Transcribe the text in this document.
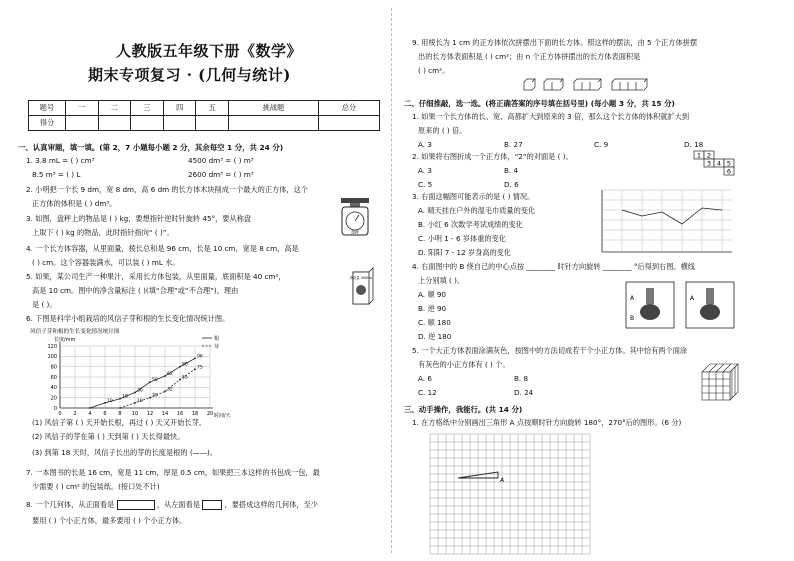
人教版五年级下册《数学》
期末专项复习 · (几何与统计)
题号	一	二	三	四	五	挑战题	总分
得分							
一、认真审题，填一填。(第 2，7 小题每小题 2 分，其余每空 1 分，共 24 分)
1. 3.8 mL = ( ) cm³	4500 dm³ = ( ) m³
8.5 m³ = ( ) L	2600 dm³ = ( ) m³
2. 小明把一个长 9 dm，宽 8 dm，高 6 dm 的长方体木块削成一个最大的正方体，这个
正方体的体积是 ( ) dm³。
3. 如图，盘秤上的物品是 ( ) kg，要想指针逆时针旋转 45°，要从称盘
上取下 ( ) kg 的物品，此时指针指向“ ( )”。	盘秤
4. 一个长方体容器，从里面量，棱长总和是 96 cm，长是 10 cm，宽是 8 cm，高是
( ) cm。这个容器装满水，可以装 ( ) mL 水。
5. 如果，某公司生产一种果汁，采用长方体包装，从里面量，底面积是 40 cm²，
高是 10 cm。图中的净含量标注 ( )(填“合理”或“不合理”)，理由
是 ( )。
净含量 450mL
6. 下图是科学小组栽培的风信子芽和根的生长变化情况统计图。
风信子芽和根的生长变化情况统计图
长度/mm
时间/天
0
20
40
60
80
100
120
0 2 4 6 8 10 12 14 16 18 20
根
芽
96
80
75
50
55
62
30	32
18	20
10	10
(1) 风信子第 ( ) 天开始长根，再过 ( ) 天又开始长芽。
(2) 风信子的芽在第 ( ) 天到第 ( ) 天长得最快。
(3) 到第 18 天时，风信子长出的芽的长度是根的 (——)。
7. 一本图书的长是 16 cm，宽是 11 cm，厚是 0.5 cm，如果把三本这样的书包成一包，最
少需要 ( ) cm² 的包装纸。(接口处不计)
8. 一个几何体，从正面看是	，从左面看是	，要搭成这样的几何体，至少
要用 ( ) 个小正方体，最多要用 ( ) 个小正方体。
9. 用棱长为 1 cm 的正方体依次拼摆出下面的长方体。照这样的摆法，由 5 个正方体拼摆
出的长方体表面积是 ( ) cm²；由 n 个正方体拼摆出的长方体表面积是
( ) cm²。
二、仔细推敲，选一选。(将正确答案的序号填在括号里) (每小题 3 分，共 15 分)
1. 如果一个长方体的长、宽、高都扩大到原来的 3 倍，那么这个长方体的体积就扩大到
原来的 ( ) 倍。
A. 3	B. 27	C. 9	D. 18
2. 如果将右图折成一个正方体，“2”的对面是 ( )。
A. 3	B. 4
C. 5	D. 6
1 2
3 4 5
6
3. 右面这幅图可能表示的是 ( ) 情况。
A. 晴天挂在户外的湿毛巾质量的变化
B. 小红 6 次数学考试成绩的变化
C. 小明 1 - 6 岁体重的变化
D. 阳阳 7 - 12 岁身高的变化
4. 右面图中的 B 绕自己的中心点按 ________ 时针方向旋转 ________ °后得到右图。横线
上分别填 ( )。
A. 顺 90
B. 逆 90
C. 顺 180
D. 逆 180
A
B
A
5. 一个大正方体表面涂满灰色，按图中的方法切成若干个小正方体。其中恰有两个面涂
有灰色的小正方体有 ( ) 个。
A. 6	B. 8
C. 12	D. 24
三、动手操作，我能行。(共 14 分)
1. 在方格纸中分别画出三角形 A 点按顺时针方向旋转 180°，270°后的图形。(6 分)
A
